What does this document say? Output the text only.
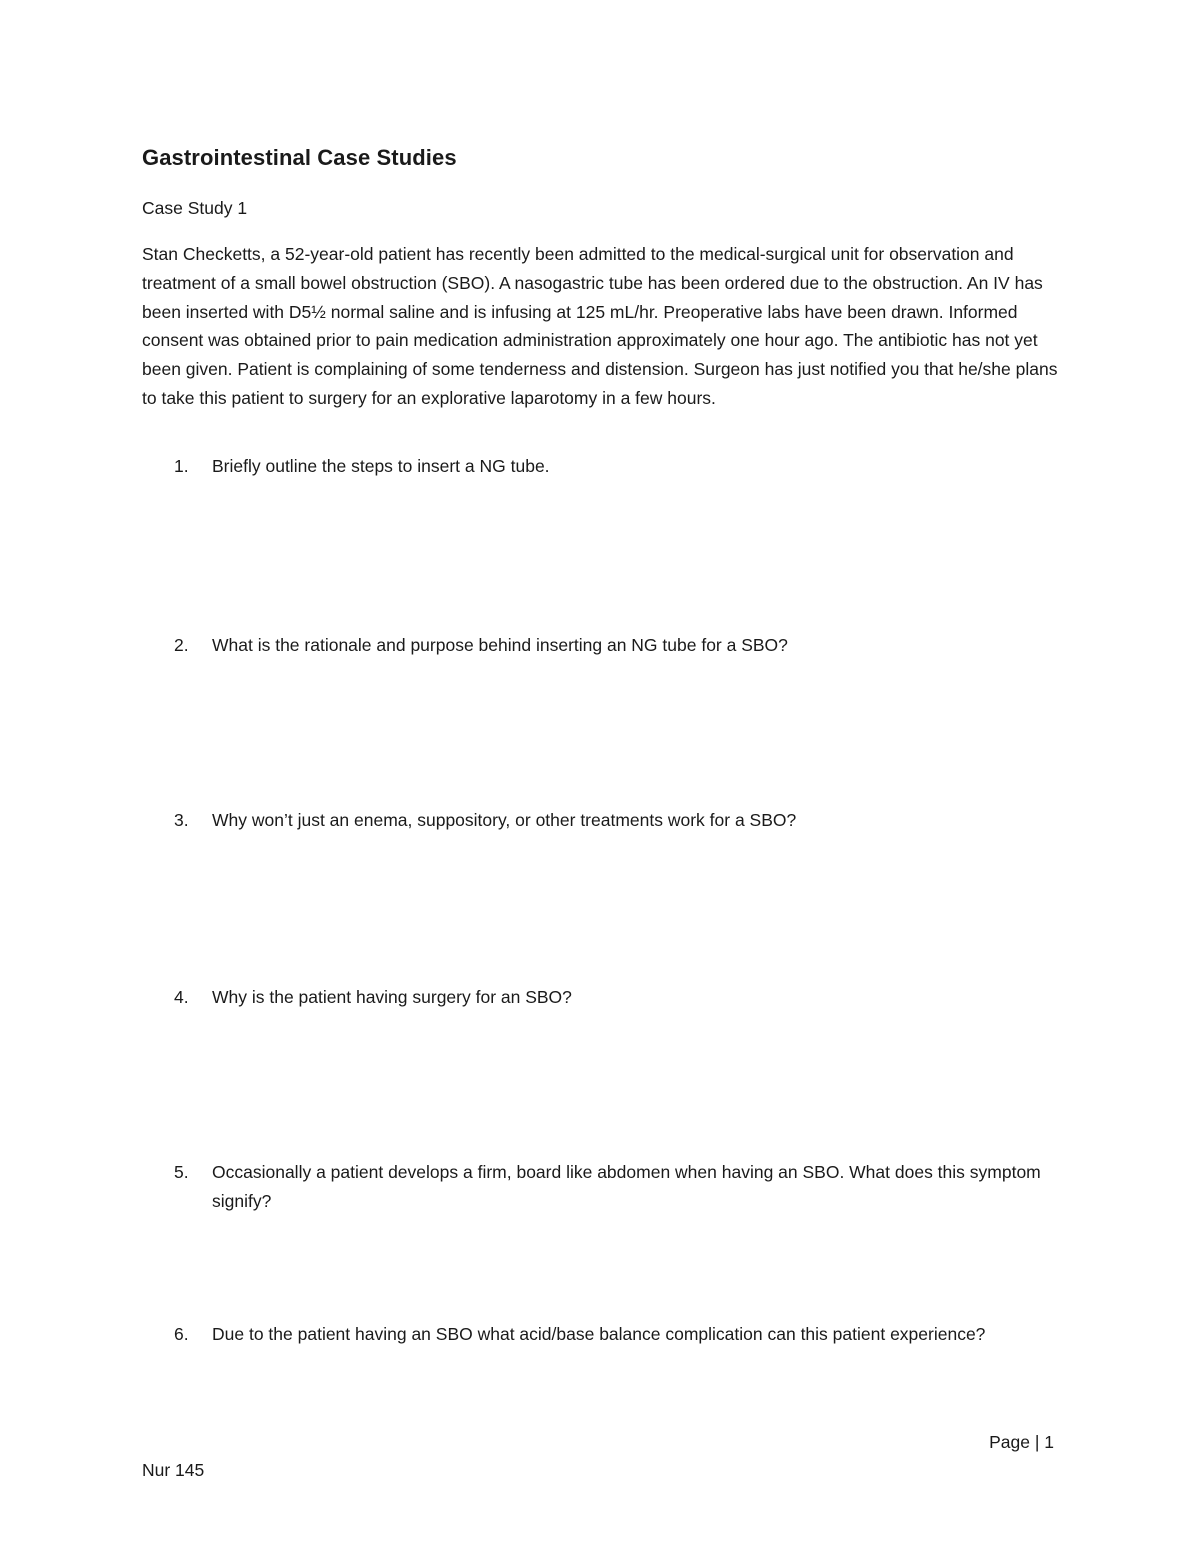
Gastrointestinal Case Studies
Case Study 1

Stan Checketts, a 52-year-old patient has recently been admitted to the medical-surgical unit for observation and treatment of a small bowel obstruction (SBO). A nasogastric tube has been ordered due to the obstruction. An IV has been inserted with D5½ normal saline and is infusing at 125 mL/hr. Preoperative labs have been drawn. Informed consent was obtained prior to pain medication administration approximately one hour ago. The antibiotic has not yet been given. Patient is complaining of some tenderness and distension. Surgeon has just notified you that he/she plans to take this patient to surgery for an explorative laparotomy in a few hours.

1. Briefly outline the steps to insert a NG tube.
2. What is the rationale and purpose behind inserting an NG tube for a SBO?
3. Why won’t just an enema, suppository, or other treatments work for a SBO?
4. Why is the patient having surgery for an SBO?
5. Occasionally a patient develops a firm, board like abdomen when having an SBO. What does this symptom signify?
6. Due to the patient having an SBO what acid/base balance complication can this patient experience?
Page | 1
Nur 145
